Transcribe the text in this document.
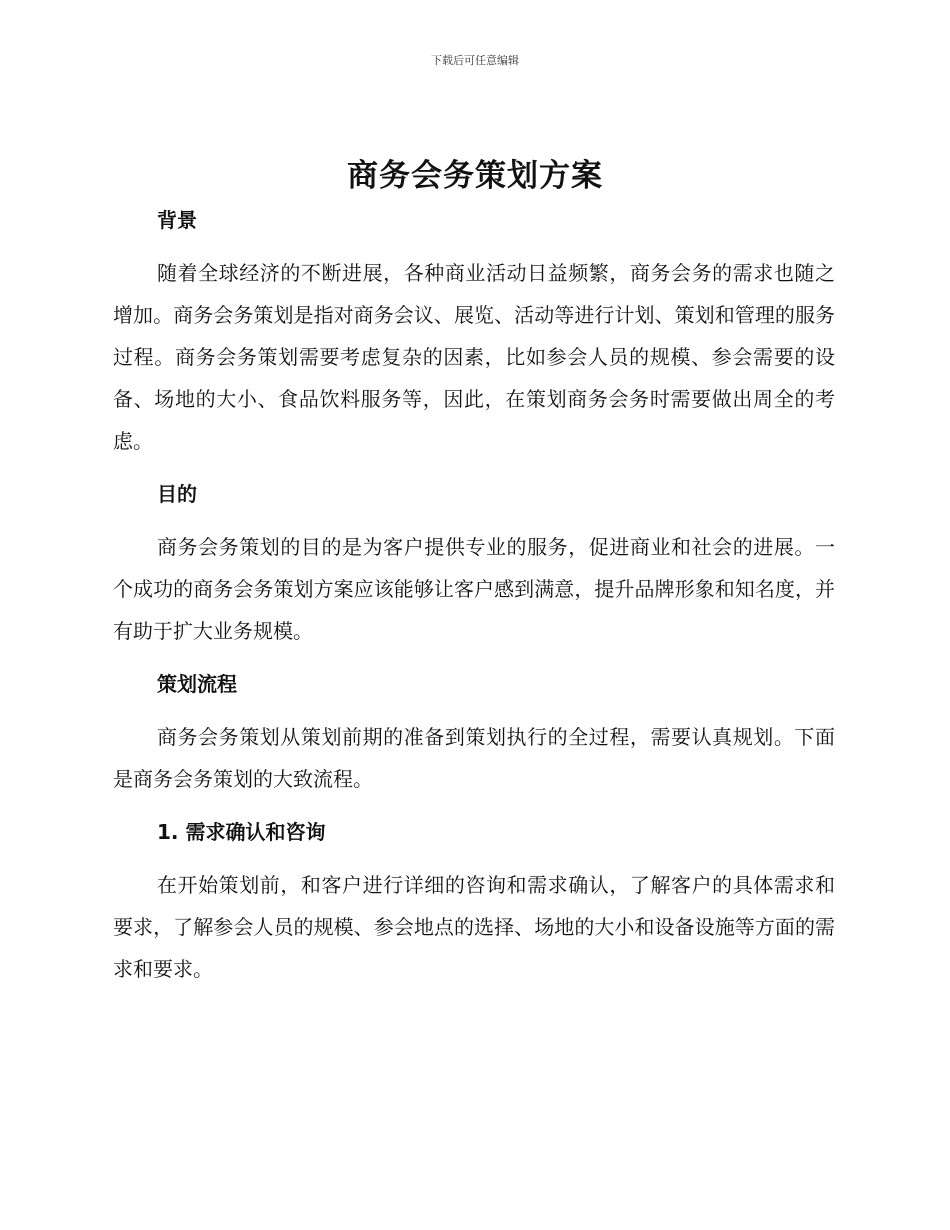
下载后可任意编辑
商务会务策划方案
背景

随着全球经济的不断进展，各种商业活动日益频繁，商务会务的需求也随之增加。商务会务策划是指对商务会议、展览、活动等进行计划、策划和管理的服务过程。商务会务策划需要考虑复杂的因素，比如参会人员的规模、参会需要的设备、场地的大小、食品饮料服务等，因此，在策划商务会务时需要做出周全的考虑。

目的

商务会务策划的目的是为客户提供专业的服务，促进商业和社会的进展。一个成功的商务会务策划方案应该能够让客户感到满意，提升品牌形象和知名度，并有助于扩大业务规模。

策划流程

商务会务策划从策划前期的准备到策划执行的全过程，需要认真规划。下面是商务会务策划的大致流程。

1. 需求确认和咨询

在开始策划前，和客户进行详细的咨询和需求确认，了解客户的具体需求和要求，了解参会人员的规模、参会地点的选择、场地的大小和设备设施等方面的需求和要求。
